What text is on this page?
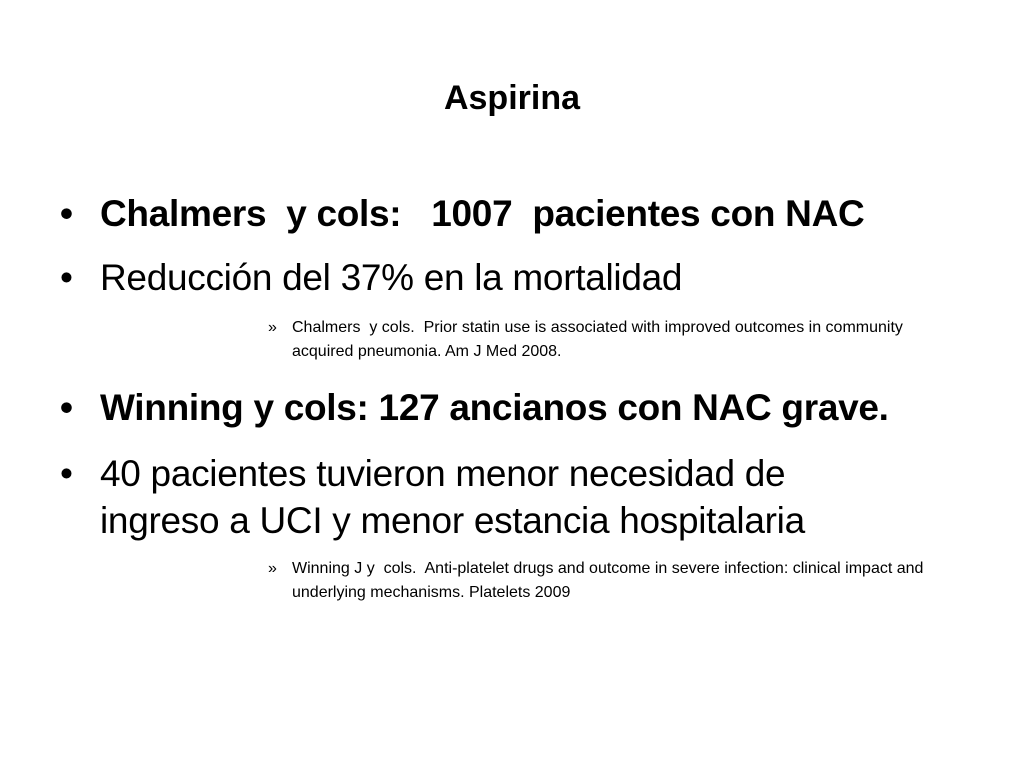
Aspirina
• Chalmers  y cols:   1007  pacientes con NAC
• Reducción del 37% en la mortalidad
» Chalmers  y cols.  Prior statin use is associated with improved outcomes in community acquired pneumonia. Am J Med 2008.
• Winning y cols: 127 ancianos con NAC grave.
• 40 pacientes tuvieron menor necesidad de ingreso a UCI y menor estancia hospitalaria
» Winning J y  cols.  Anti-platelet drugs and outcome in severe infection: clinical impact and underlying mechanisms. Platelets 2009
